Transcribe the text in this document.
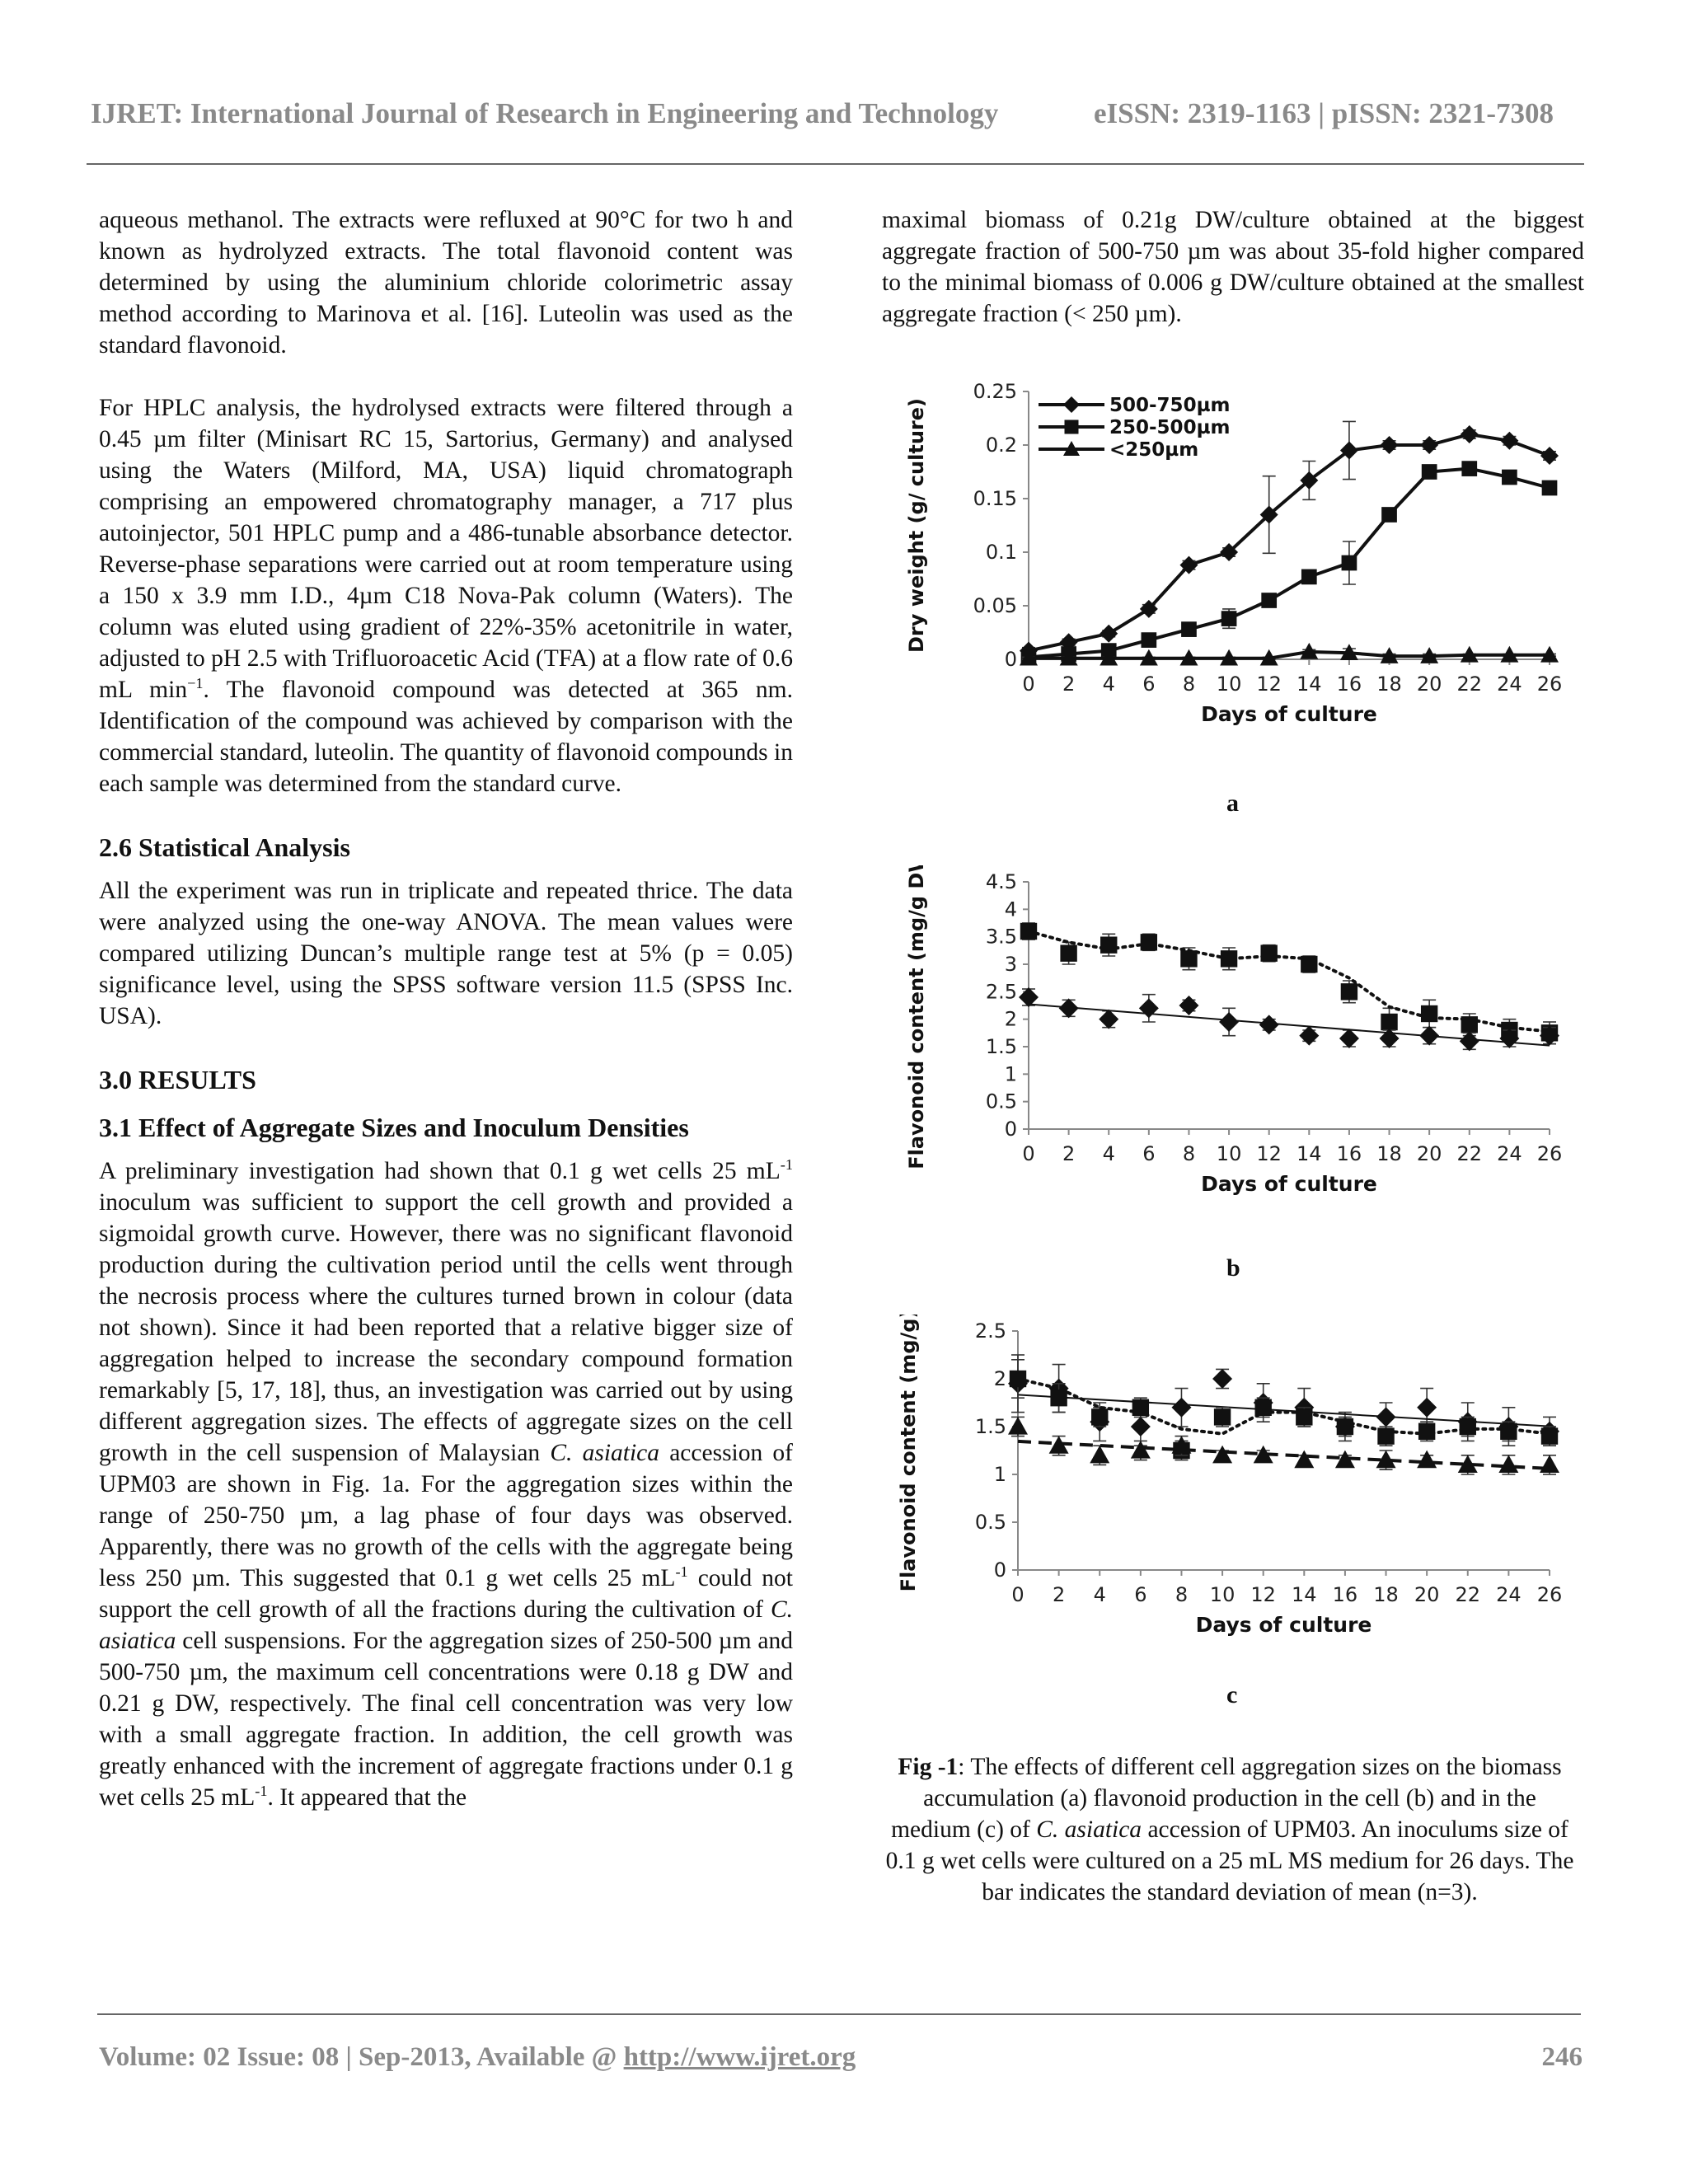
IJRET: International Journal of Research in Engineering and Technology	eISSN: 2319-1163 | pISSN: 2321-7308

aqueous methanol. The extracts were refluxed at 90°C for two h and known as hydrolyzed extracts. The total flavonoid content was determined by using the aluminium chloride colorimetric assay method according to Marinova et al. [16]. Luteolin was used as the standard flavonoid.

For HPLC analysis, the hydrolysed extracts were filtered through a 0.45 µm filter (Minisart RC 15, Sartorius, Germany) and analysed using the Waters (Milford, MA, USA) liquid chromatograph comprising an empowered chromatography manager, a 717 plus autoinjector, 501 HPLC pump and a 486-tunable absorbance detector. Reverse-phase separations were carried out at room temperature using a 150 x 3.9 mm I.D., 4µm C18 Nova-Pak column (Waters). The column was eluted using gradient of 22%-35% acetonitrile in water, adjusted to pH 2.5 with Trifluoroacetic Acid (TFA) at a flow rate of 0.6 mL $\min^{-1}$. The flavonoid compound was detected at 365 nm. Identification of the compound was achieved by comparison with the commercial standard, luteolin. The quantity of flavonoid compounds in each sample was determined from the standard curve.

2.6 Statistical Analysis

All the experiment was run in triplicate and repeated thrice. The data were analyzed using the one-way ANOVA. The mean values were compared utilizing Duncan’s multiple range test at 5% (p = 0.05) significance level, using the SPSS software version 11.5 (SPSS Inc. USA).

3.0 RESULTS
3.1 Effect of Aggregate Sizes and Inoculum Densities

A preliminary investigation had shown that 0.1 g wet cells 25 $mL^{-1}$ inoculum was sufficient to support the cell growth and provided a sigmoidal growth curve. However, there was no significant flavonoid production during the cultivation period until the cells went through the necrosis process where the cultures turned brown in colour (data not shown). Since it had been reported that a relative bigger size of aggregation helped to increase the secondary compound formation remarkably [5, 17, 18], thus, an investigation was carried out by using different aggregation sizes. The effects of aggregate sizes on the cell growth in the cell suspension of Malaysian C. asiatica accession of UPM03 are shown in Fig. 1a. For the aggregation sizes within the range of 250-750 µm, a lag phase of four days was observed. Apparently, there was no growth of the cells with the aggregate being less 250 µm. This suggested that 0.1 g wet cells 25 $mL^{-1}$ could not support the cell growth of all the fractions during the cultivation of C. asiatica cell suspensions. For the aggregation sizes of 250-500 µm and 500-750 µm, the maximum cell concentrations were 0.18 g DW and 0.21 g DW, respectively. The final cell concentration was very low with a small aggregate fraction. In addition, the cell growth was greatly enhanced with the increment of aggregate fractions under 0.1 g wet cells 25 $mL^{-1}$. It appeared that the

maximal biomass of 0.21g DW/culture obtained at the biggest aggregate fraction of 500-750 µm was about 35-fold higher compared to the minimal biomass of 0.006 g DW/culture obtained at the smallest aggregate fraction (< 250 µm).

0
0.05
0.1
0.15
0.2
0.25
0 2 4 6 8 10 12 14 16 18 20 22 24 26
Days of culture
Dry weight (g/ culture)	500-750µm
250-500µm
<250µm
a
0
0.5
1
1.5
2
2.5
3
3.5
4
4.5
0 2 4 6 8 10 12 14 16 18 20 22 24 26
Days of culture
Flavonoid content (mg/g DW)
b
0
0.5
1
1.5
2
2.5
0 2 4 6 8 10 12 14 16 18 20 22 24 26
Days of culture
Flavonoid content (mg/g)
c
Fig -1: The effects of different cell aggregation sizes on the biomass accumulation (a) flavonoid production in the cell (b) and in the medium (c) of C. asiatica accession of UPM03. An inoculums size of 0.1 g wet cells were cultured on a 25 mL MS medium for 26 days. The bar indicates the standard deviation of mean (n=3).
Volume: 02 Issue: 08 | Sep-2013, Available @ http://www.ijret.org	246
